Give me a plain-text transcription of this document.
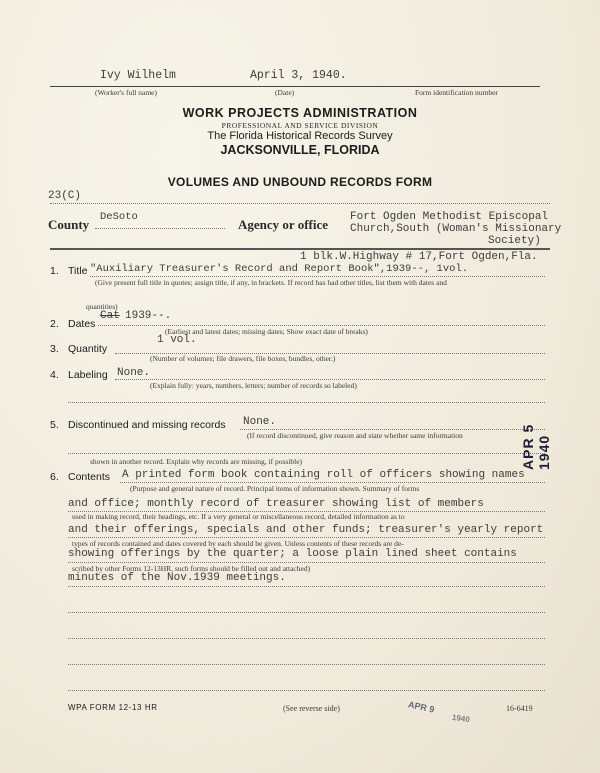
Ivy Wilhelm	April 3, 1940.
(Worker's full name)	(Date)	Form identification number
WORK PROJECTS ADMINISTRATION
PROFESSIONAL AND SERVICE DIVISION
The Florida Historical Records Survey
JACKSONVILLE, FLORIDA
VOLUMES AND UNBOUND RECORDS FORM
23(C)
County DeSoto	Agency or office Fort Ogden Methodist Episcopal
Church,South (Woman's Missionary
Society)
1 blk.W.Highway # 17,Fort Ogden,Fla.
1. Title "Auxiliary Treasurer's Record and Report Book",1939--, 1vol.
(Give present full title in quotes; assign title, if any, in brackets. If record has had other titles, list them with dates and
quantities)
2. Dates
Cat 1939--.
(Earliest and latest dates; missing dates; Show exact date of breaks)
1 vol.
3. Quantity
(Number of volumes; file drawers, file boxes, bundles, other.)
4. Labeling None.
(Explain fully: years, numbers, letters; number of records so labeled)
5. Discontinued and missing records None.
(If record discontinued, give reason and state whether same information
shown in another record. Explain why records are missing, if possible)
6. Contents A printed form book containing roll of officers showing names
(Purpose and general nature of record. Principal items of information shown. Summary of forms
and office; monthly record of treasurer showing list of members
used in making record, their headings, etc. If a very general or miscellaneous record, detailed information as to
and their offerings, specials and other funds; treasurer's yearly report
types of records contained and dates covered by each should be given. Unless contents of these records are de-
showing offerings by the quarter; a loose plain lined sheet contains
scribed by other Forms 12-13HR, such forms should be filled out and attached)
minutes of the Nov.1939 meetings.
WPA FORM 12-13 HR	(See reverse side)	16-6419
APR 5 1940
APR 9
1940
